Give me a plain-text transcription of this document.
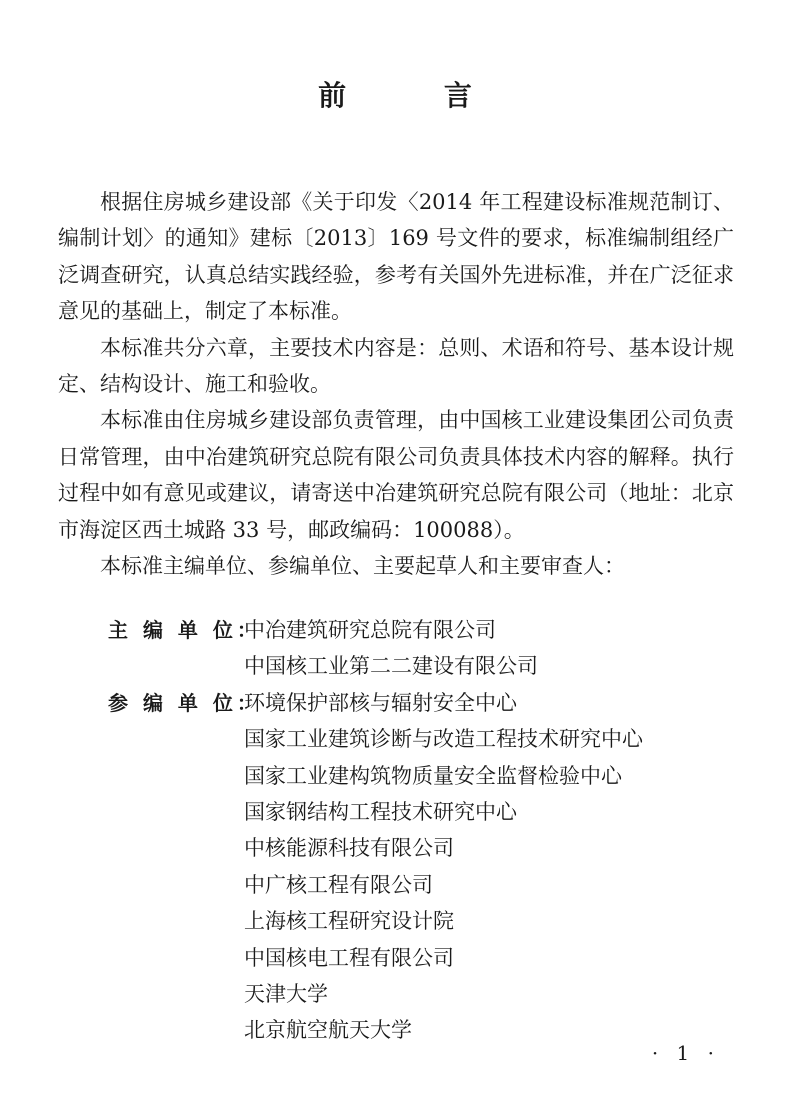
前 言

根据住房城乡建设部《关于印发〈2014 年工程建设标准规范制订、编制计划〉的通知》建标〔2013〕169 号文件的要求，标准编制组经广泛调查研究，认真总结实践经验，参考有关国外先进标准，并在广泛征求意见的基础上，制定了本标准。

本标准共分六章，主要技术内容是：总则、术语和符号、基本设计规定、结构设计、施工和验收。

本标准由住房城乡建设部负责管理，由中国核工业建设集团公司负责日常管理，由中冶建筑研究总院有限公司负责具体技术内容的解释。执行过程中如有意见或建议，请寄送中冶建筑研究总院有限公司（地址：北京市海淀区西土城路 33 号，邮政编码：100088）。

本标准主编单位、参编单位、主要起草人和主要审查人：

主 编 单 位：
中冶建筑研究总院有限公司
中国核工业第二二建设有限公司
参 编 单 位：
环境保护部核与辐射安全中心
国家工业建筑诊断与改造工程技术研究中心
国家工业建构筑物质量安全监督检验中心
国家钢结构工程技术研究中心
中核能源科技有限公司
中广核工程有限公司
上海核工程研究设计院
中国核电工程有限公司
天津大学
北京航空航天大学
· 1 ·
